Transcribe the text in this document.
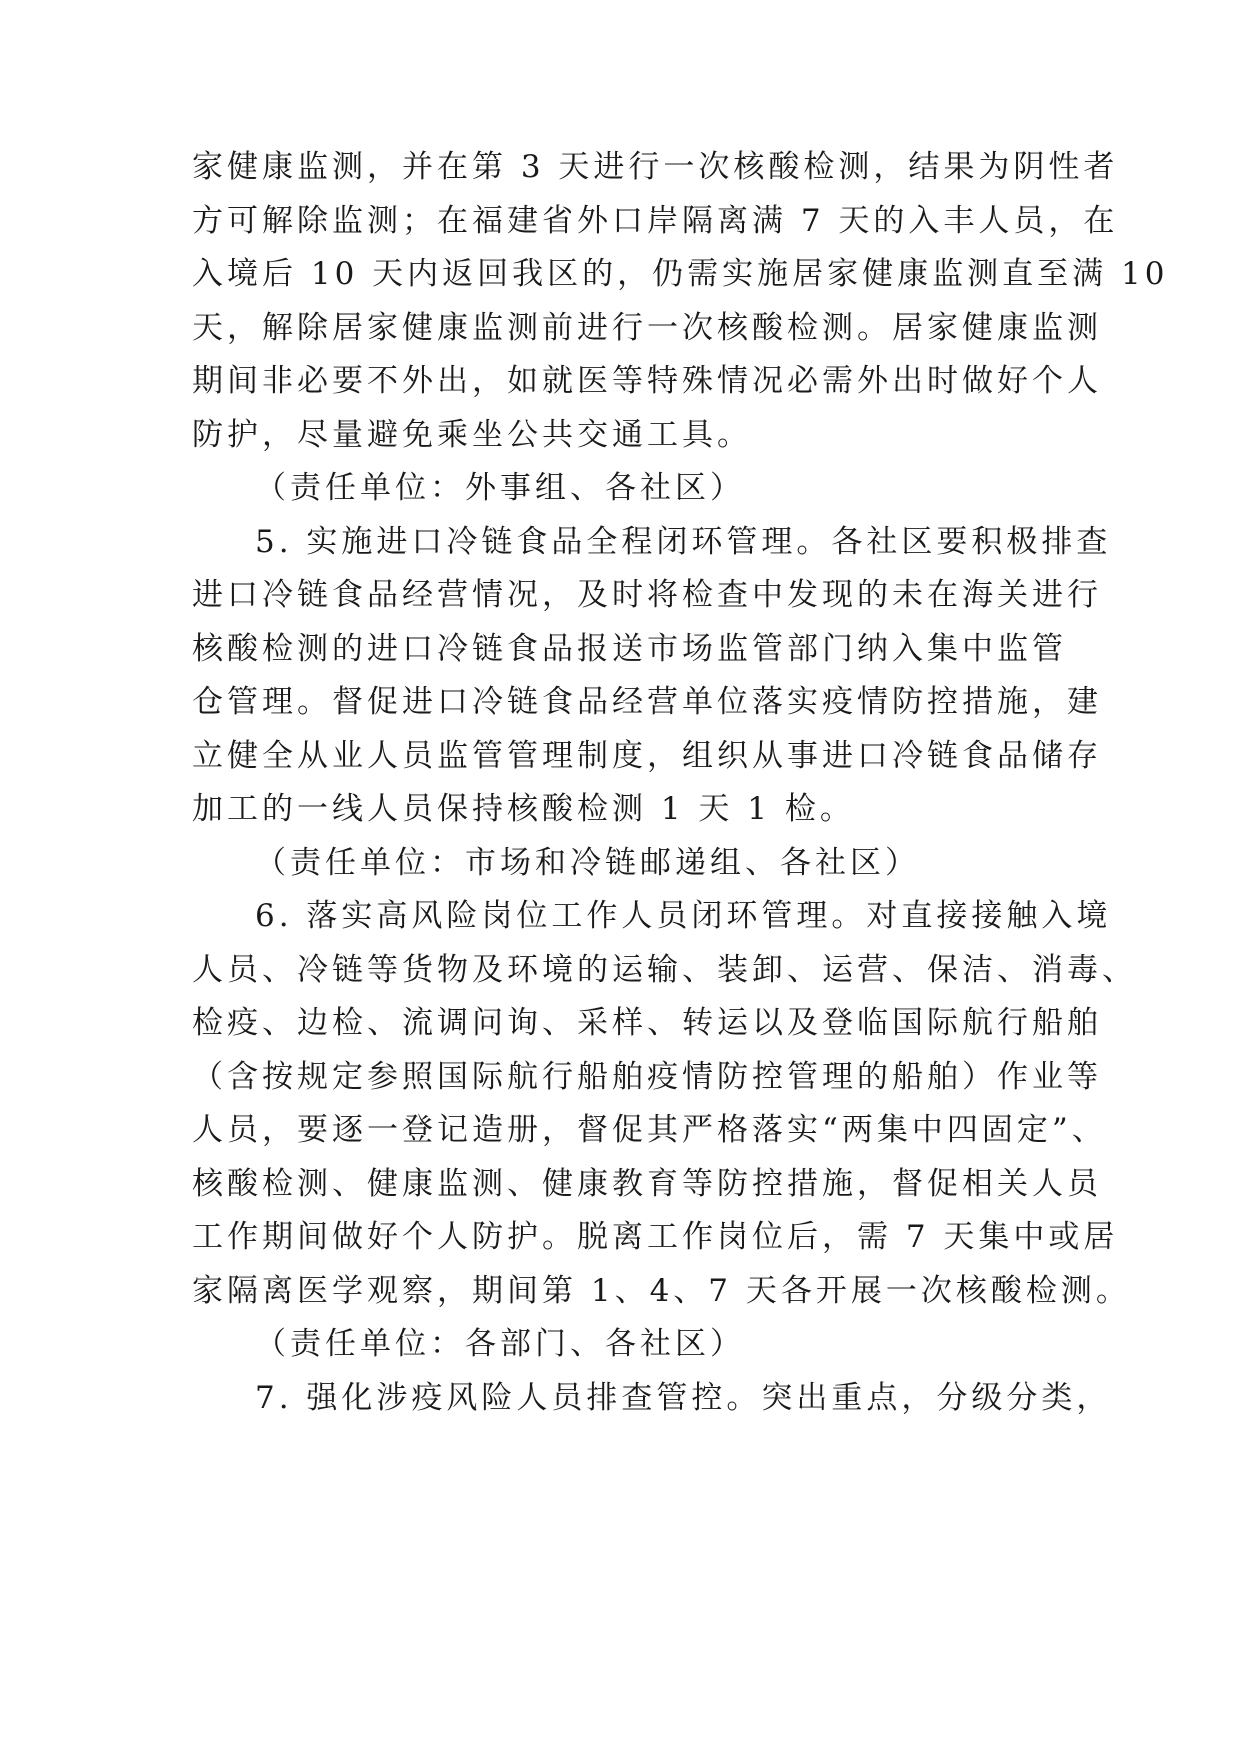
家健康监测，并在第 3 天进行一次核酸检测，结果为阴性者
方可解除监测；在福建省外口岸隔离满 7 天的入丰人员，在
入境后 10 天内返回我区的，仍需实施居家健康监测直至满 10
天，解除居家健康监测前进行一次核酸检测。居家健康监测
期间非必要不外出，如就医等特殊情况必需外出时做好个人
防护，尽量避免乘坐公共交通工具。
（责任单位：外事组、各社区）
5. 实施进口冷链食品全程闭环管理。各社区要积极排查
进口冷链食品经营情况，及时将检查中发现的未在海关进行
核酸检测的进口冷链食品报送市场监管部门纳入集中监管
仓管理。督促进口冷链食品经营单位落实疫情防控措施，建
立健全从业人员监管管理制度，组织从事进口冷链食品储存
加工的一线人员保持核酸检测 1 天 1 检。
（责任单位：市场和冷链邮递组、各社区）
6. 落实高风险岗位工作人员闭环管理。对直接接触入境
人员、冷链等货物及环境的运输、装卸、运营、保洁、消毒、
检疫、边检、流调问询、采样、转运以及登临国际航行船舶
（含按规定参照国际航行船舶疫情防控管理的船舶）作业等
人员，要逐一登记造册，督促其严格落实“两集中四固定”、
核酸检测、健康监测、健康教育等防控措施，督促相关人员
工作期间做好个人防护。脱离工作岗位后，需 7 天集中或居
家隔离医学观察，期间第 1、4、7 天各开展一次核酸检测。
（责任单位：各部门、各社区）
7. 强化涉疫风险人员排查管控。突出重点，分级分类，
